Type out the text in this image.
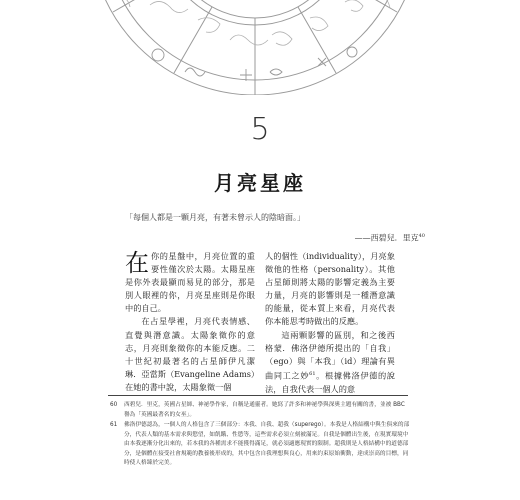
5
月亮星座
「每個人都是一顆月亮，有著未曾示人的陰暗面。」
——西碧兒．里克$^{40}$

在你的星盤中，月亮位置的重要性僅次於太陽。太陽星座是你外表最顯而易見的部分，那是別人眼裡的你，月亮星座則是你眼中的自己。

在占星學裡，月亮代表情感、直覺與潛意識。太陽象徵你的意志，月亮則象徵你的本能反應。二十世紀初最著名的占星師伊凡潔琳．亞當斯（Evangeline Adams）在她的書中說，太陽象徵一個

人的個性（individuality），月亮象徵他的性格（personality）。其他占星師則將太陽的影響定義為主要力量，月亮的影響則是一種潛意識的能量，從本質上來看，月亮代表你本能思考時做出的反應。

這兩顆影響的區別，和之後西格蒙．佛洛伊德所提出的「自我」（ego）與「本我」（id）理論有異曲同工之妙$^{61}$。根據佛洛伊德的說法，自我代表一個人的意

60	西碧兒．里克，英國占星師、神祕學作家，自稱是通靈者。她寫了許多和神祕學與深奧主題有關的書，並被 BBC 譽為「英國最著名的女巫」。
61	佛洛伊德認為，一個人的人格包含了三個部分：本我、自我、超我（superego）。本我是人格結構中與生俱來的部分，代表人類的基本需求與慾望，如飢餓、性慾等，這些需求必須立刻被滿足。自我是個體出生後，在現實環境中由本我逐漸分化出來的，若本我的各種需求不能獲得滿足，就必須適應現實的限制。超我則是人格結構中的道德部分，是個體在接受社會規範的教養後形成的，其中包含自我理想與良心，用來約束原始衝動，達成崇高的目標，同時使人格臻於完美。
